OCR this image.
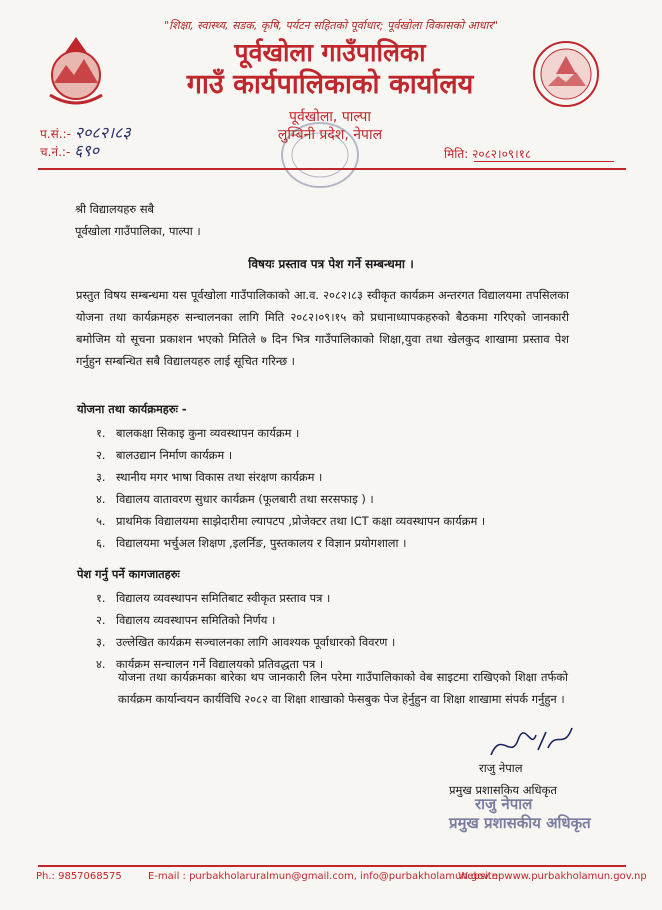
"शिक्षा, स्वास्थ्य, सडक, कृषि, पर्यटन सहितको पूर्वाधार; पूर्वखोला विकासको आधार"
पूर्वखोला गाउँपालिका
गाउँ कार्यपालिकाको कार्यालय
पूर्वखोला, पाल्पा
लुम्बिनी प्रदेश, नेपाल
प.सं.:- २०८२।८३
च.नं.:- ६९०	मिति: २०८२।०९।१८
श्री विद्यालयहरु सबै
पूर्वखोला गाउँपालिका, पाल्पा ।
विषयः प्रस्ताव पत्र पेश गर्ने सम्बन्धमा ।
प्रस्तुत विषय सम्बन्धमा यस पूर्वखोला गाउँपालिकाको आ.व. २०८२।८३ स्वीकृत कार्यक्रम अन्तरगत विद्यालयमा तपसिलका योजना तथा कार्यक्रमहरु सन्चालनका लागि मिति २०८२।०९।१५ को प्रधानाध्यापकहरुको बैठकमा गरिएको जानकारी बमोजिम यो सूचना प्रकाशन भएको मितिले ७ दिन भित्र गाउँपालिकाको शिक्षा,युवा तथा खेलकुद शाखामा प्रस्ताव पेश गर्नुहुन सम्बन्धित सबै विद्यालयहरु लाई सूचित गरिन्छ ।
योजना तथा कार्यक्रमहरुः -
१. बालकक्षा सिकाइ कुना व्यवस्थापन कार्यक्रम ।
२. बालउद्यान निर्माण कार्यक्रम ।
३. स्थानीय मगर भाषा विकास तथा संरक्षण कार्यक्रम ।
४. विद्यालय वातावरण सुधार कार्यक्रम (फूलबारी तथा सरसफाइ ) ।
५. प्राथमिक विद्यालयमा साझेदारीमा ल्यापटप ,प्रोजेक्टर तथा ICT कक्षा व्यवस्थापन कार्यक्रम ।
६. विद्यालयमा भर्चुअल शिक्षण ,इलर्निङ, पुस्तकालय र विज्ञान प्रयोगशाला ।
पेश गर्नु पर्ने कागजातहरुः
१. विद्यालय व्यवस्थापन समितिबाट स्वीकृत प्रस्ताव पत्र ।
२. विद्यालय व्यवस्थापन समितिको निर्णय ।
३. उल्लेखित कार्यक्रम सञ्चालनका लागि आवश्यक पूर्वाधारको विवरण ।
४. कार्यक्रम सन्चालन गर्ने विद्यालयको प्रतिवद्धता पत्र ।
योजना तथा कार्यक्रमका बारेका थप जानकारी लिन परेमा गाउँपालिकाको वेब साइटमा राखिएको शिक्षा तर्फको कार्यक्रम कार्यान्वयन कार्यविधि २०८२ वा शिक्षा शाखाको फेसबुक पेज हेर्नुहुन वा शिक्षा शाखामा संपर्क गर्नुहुन ।
राजु नेपाल
प्रमुख प्रशासकिय अधिकृत
राजु नेपाल
प्रमुख प्रशासकीय अधिकृत
Ph.: 9857068575	E-mail : purbakholaruralmun@gmail.com, info@purbakholamun.gov.np
Website: www.purbakholamun.gov.np
